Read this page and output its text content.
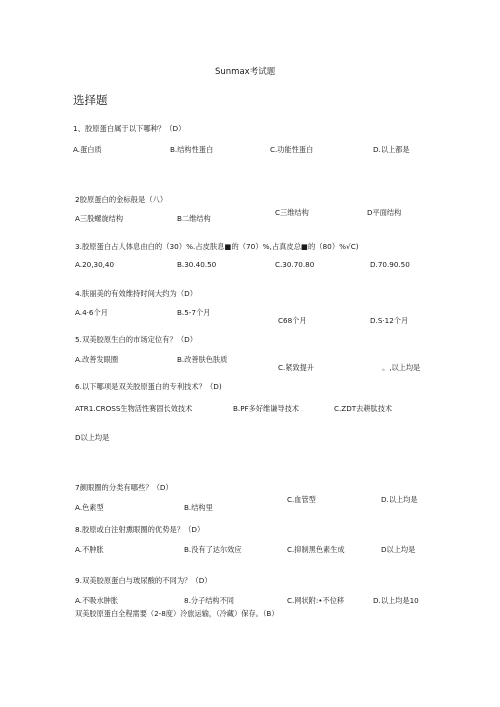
Sunmax考试题
选择题
1、胶原蛋白属于以下哪种？（D）
A.蛋白质	B.结构性蛋白	C.功能性蛋白	D.以上都是
2胶原蛋白的金标般是（八）
A三股螺旋结构	B二维结构
C三维结构	D平面结构
3.胶原蛋白占人体息由白的（30）%.占皮肤息■的（70）%,占真皮总■的（80）%√C)
A.20,30,40	B.30.40.50	C.30.70.80	D.70.90.50
4.肤丽美的有效维持时间大约为（D）
A.4·6个月	B.5-7个月
C68个月	D.S·12个月
5.双美胶原生白的市场定位有？（D）
A.改善发眼圈	B.改善肤色肤质
C.紧致提升	。,以上均是
6.以下哪项是双关胶原蛋白的专利技术？（D)
ATR1.CROSS生物活性赛固长效技术	B.PF多好维谦导技术	C.ZDT去耕肽技术
D以上均是
7颜眼圈的分类有哪些？（D）
A.色素型	B.结构里
C.血管型	D.以上均是
8.胶原或白注射熏眼圈的优势是？（D）
A.不肿胀	B.没有了达尔效应	C.抑制黑色素生成	D以上均是
9.双美胶原蛋白与玻尿酸的不同为？（D）
A.不吸水肿胀	8.分子结构不同	C.网状附:•不位移	D.以上均是10
双美胶原蛋白全程需要（2-8度）冷旅运输，（冷藏）保存。（B）
